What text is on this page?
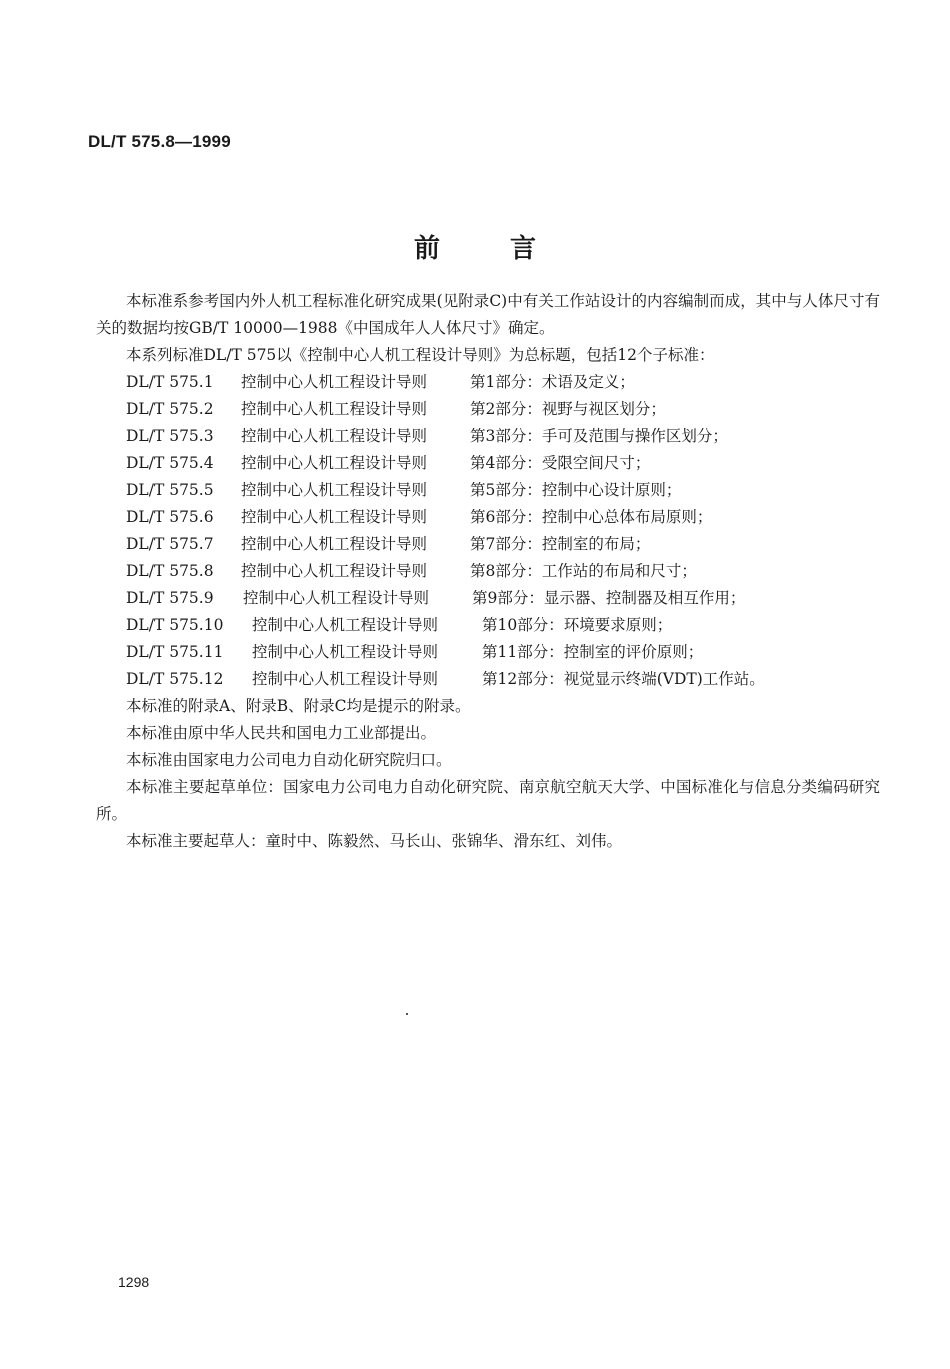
DL/T 575.8—1999
前言

本标准系参考国内外人机工程标准化研究成果(见附录C)中有关工作站设计的内容编制而成，其中与人体尺寸有关的数据均按GB/T 10000—1988《中国成年人人体尺寸》确定。

本系列标准DL/T 575以《控制中心人机工程设计导则》为总标题，包括12个子标准：

DL/T 575.1 控制中心人机工程设计导则	第1部分：术语及定义；
DL/T 575.2 控制中心人机工程设计导则	第2部分：视野与视区划分；
DL/T 575.3 控制中心人机工程设计导则	第3部分：手可及范围与操作区划分；
DL/T 575.4 控制中心人机工程设计导则	第4部分：受限空间尺寸；
DL/T 575.5 控制中心人机工程设计导则	第5部分：控制中心设计原则；
DL/T 575.6 控制中心人机工程设计导则	第6部分：控制中心总体布局原则；
DL/T 575.7 控制中心人机工程设计导则	第7部分：控制室的布局；
DL/T 575.8 控制中心人机工程设计导则	第8部分：工作站的布局和尺寸；
DL/T 575.9 控制中心人机工程设计导则	第9部分：显示器、控制器及相互作用；
DL/T 575.10 控制中心人机工程设计导则	第10部分：环境要求原则；
DL/T 575.11 控制中心人机工程设计导则	第11部分：控制室的评价原则；
DL/T 575.12 控制中心人机工程设计导则	第12部分：视觉显示终端(VDT)工作站。

本标准的附录A、附录B、附录C均是提示的附录。

本标准由原中华人民共和国电力工业部提出。

本标准由国家电力公司电力自动化研究院归口。

本标准主要起草单位：国家电力公司电力自动化研究院、南京航空航天大学、中国标准化与信息分类编码研究所。

本标准主要起草人：童时中、陈毅然、马长山、张锦华、滑东红、刘伟。

1298
